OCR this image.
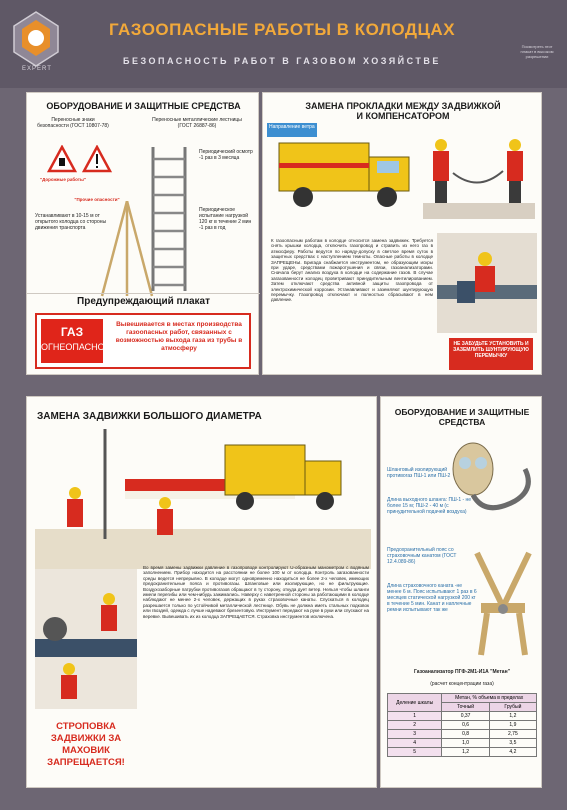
EXPERT
ГАЗООПАСНЫЕ РАБОТЫ В КОЛОДЦАХ
БЕЗОПАСНОСТЬ РАБОТ В ГАЗОВОМ ХОЗЯЙСТВЕ
Посмотреть этот плакат в высоком разрешении
ОБОРУДОВАНИЕ И ЗАЩИТНЫЕ СРЕДСТВА
Переносные знаки безопасности (ГОСТ 10807-78)
Переносные металлические лестницы (ГОСТ 26887-86)
"Дорожные работы"
"Прочие опасности"
Устанавливают в 10-15 м от открытого колодца со стороны движения транспорта
Периодический осмотр -1 раз в 3 месяца
Периодическое испытание нагрузкой 120 кг в течение 2 мин -1 раз в год
Предупреждающий плакат
ГАЗ
ОГНЕОПАСНО
Вывешивается в местах производства газоопасных работ, связанных с возможностью выхода газа из трубы в атмосферу
ЗАМЕНА ПРОКЛАДКИ МЕЖДУ ЗАДВИЖКОЙ И КОМПЕНСАТОРОМ
Направление ветра
К газоопасным работам в колодце относится замена задвижек. Требуется снять крышки колодца, отключить газопровод и стравить из него газ в атмосферу. Работы ведутся по наряду-допуску в светлое время суток в защитных средствах с наступлением темноты. Опасные работы в колодце ЗАПРЕЩЕНЫ. Бригада снабжается инструментом, не образующим искры при ударе, средствами пожаротушения и связи, газоанализаторами. Сначала берут анализ воздуха в колодце на содержание газов. В случае загазованности колодец проветривают принудительным вентилированием. Затем отключают средства активной защиты газопровода от электрохимической коррозии. Устанавливают и заземляют шунтирующую перемычку. Газопровод отключают и полностью сбрасывают в нем давление.
НЕ ЗАБУДЬТЕ УСТАНОВИТЬ И ЗАЗЕМЛИТЬ ШУНТИРУЮЩУЮ ПЕРЕМЫЧКУ
ЗАМЕНА ЗАДВИЖКИ БОЛЬШОГО ДИАМЕТРА
Во время замены задвижки давление в газопроводе контролируют U-образным манометром с водяным заполнением. Прибор находится на расстоянии не более 100 м от колодца. Контроль загазованности среды ведется непрерывно. В колодце могут одновременно находиться не более 2-х человек, имеющих предохранительные пояса и противогазы. Шланговые или изолирующие, но не фильтрующие. Воздухозаборные патрубки противогазов обращают в ту сторону, откуда дует ветер. Нельзя чтобы шланги имели перегибы или чем-нибудь зажимались. Наверху с наветренной стороны за работающими в колодце наблюдают не менее 2-х человек, держащих в руках страховочные канаты. Спускаться в колодец разрешается только по устойчивой металлической лестнице. Обувь не должна иметь стальных подковок или гвоздей, одежда с лучше надевают брезентовую. Инструмент передают на руке в руки или спускают на веревке. Вывешивать их из колодца ЗАПРЕЩАЕТСЯ. Страховка инструментов исключена.
СТРОПОВКА ЗАДВИЖКИ ЗА МАХОВИК ЗАПРЕЩАЕТСЯ!
ОБОРУДОВАНИЕ И ЗАЩИТНЫЕ СРЕДСТВА
Шланговый изолирующий противогаз ПШ-1 или ПШ-2
Длина выходного шланга: ПШ-1 - не более 15 м; ПШ-2 - 40 м (с принудительной подачей воздуха)
Предохранительный пояс со страховочным канатом (ГОСТ 12.4.089-86)
Длина страховочного каната -не менее 6 м. Пояс испытывают 1 раз в 6 месяцев статической нагрузкой 200 кг в течение 5 мин. Канат и наплечные ремни испытывают так же
Газоанализатор ПГФ-2М1-И1А "Метан"
(расчет концентрации газа)
Деление шкалы	Метан, % объема в пределах	
	Точный	Грубый
1	0,37	1,2
2	0,6	1,9
3	0,8	2,75
4	1,0	3,5
5	1,2	4,2
